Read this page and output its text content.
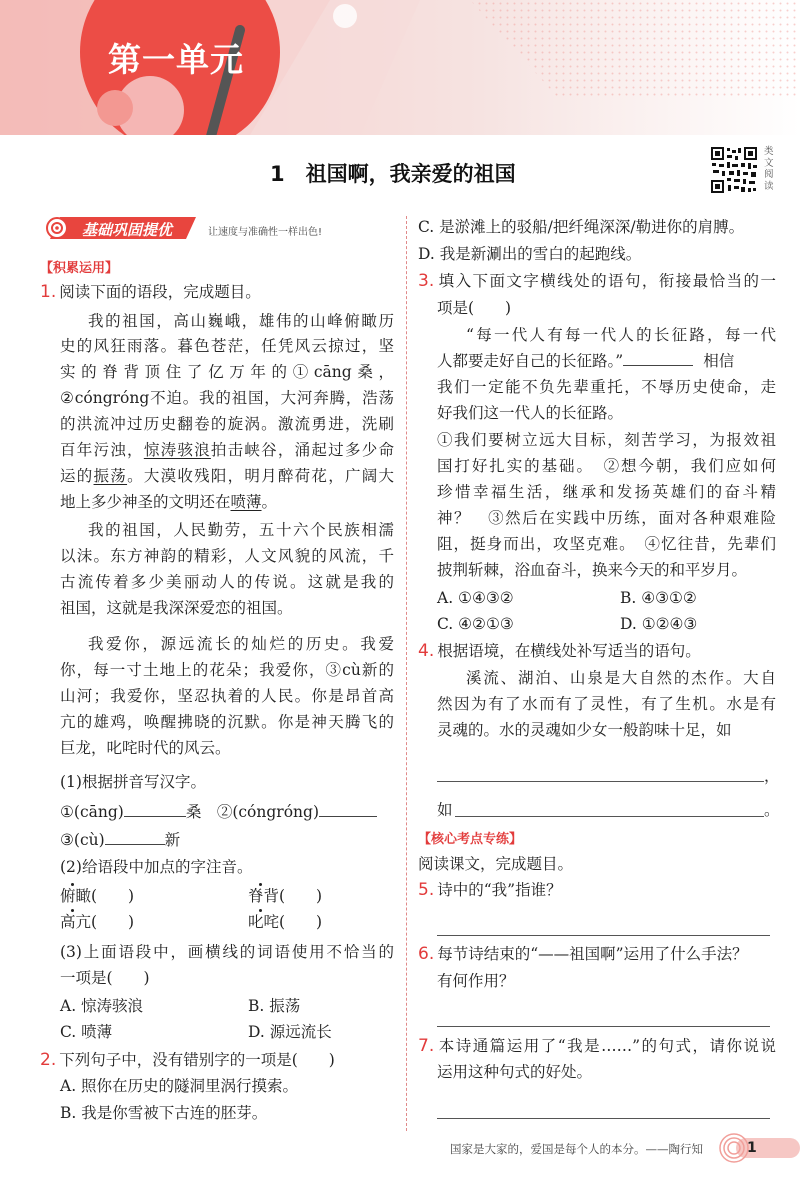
第一单元
1　祖国啊，我亲爱的祖国
类文阅读
基础巩固提优	让速度与准确性一样出色!
【积累运用】
1. 阅读下面的语段，完成题目。
我的祖国，高山巍峨，雄伟的山峰俯瞰历
史的风狂雨落。暮色苍茫，任凭风云掠过，坚
实的脊背顶住了亿万年的①cāng桑，
②cóngróng不迫。我的祖国，大河奔腾，浩荡
的洪流冲过历史翻卷的旋涡。激流勇进，洗刷
百年污浊，惊涛骇浪拍击峡谷，涌起过多少命
运的振荡。大漠收残阳，明月醉荷花，广阔大
地上多少神圣的文明还在喷薄。
我的祖国，人民勤劳，五十六个民族相濡
以沫。东方神韵的精彩，人文风貌的风流，千
古流传着多少美丽动人的传说。这就是我的
祖国，这就是我深深爱恋的祖国。
我爱你，源远流长的灿烂的历史。我爱
你，每一寸土地上的花朵；我爱你，③cù新的
山河；我爱你，坚忍执着的人民。你是昂首高
亢的雄鸡，唤醒拂晓的沉默。你是神天腾飞的
巨龙，叱咤时代的风云。
(1)根据拼音写汉字。
①(cāng)	桑　②(cóngróng)
③(cù)	新
(2)给语段中加点的字注音。
俯瞰(　　)	脊背(　　)
高亢(　　)	叱咤(　　)
(3)上面语段中，画横线的词语使用不恰当的
一项是(　　)
A. 惊涛骇浪	B. 振荡
C. 喷薄	D. 源远流长
2. 下列句子中，没有错别字的一项是(　　)
A. 照你在历史的隧洞里涡行摸索。
B. 我是你雪被下古连的胚芽。
C. 是淤滩上的驳船/把纤绳深深/勒进你的肩膊。
D. 我是新涮出的雪白的起跑线。
3. 填入下面文字横线处的语句，衔接最恰当的一
项是(　　)
“每一代人有每一代人的长征路，每一代
人都要走好自己的长征路。”	相信
我们一定能不负先辈重托，不辱历史使命，走
好我们这一代人的长征路。
①我们要树立远大目标，刻苦学习，为报效祖
国打好扎实的基础。　②想今朝，我们应如何
珍惜幸福生活，继承和发扬英雄们的奋斗精
神？　③然后在实践中历练，面对各种艰难险
阻，挺身而出，攻坚克难。　④忆往昔，先辈们
披荆斩棘，浴血奋斗，换来今天的和平岁月。
A. ①④③②	B. ④③①②
C. ④②①③	D. ①②④③
4. 根据语境，在横线处补写适当的语句。
溪流、湖泊、山泉是大自然的杰作。大自
然因为有了水而有了灵性，有了生机。水是有
灵魂的。水的灵魂如少女一般韵味十足，如
，
如	。
【核心考点专练】
阅读课文，完成题目。
5. 诗中的“我”指谁？
6. 每节诗结束的“——祖国啊”运用了什么手法？
有何作用？
7. 本诗通篇运用了“我是……”的句式，请你说说
运用这种句式的好处。
国家是大家的，爱国是每个人的本分。——陶行知	1
